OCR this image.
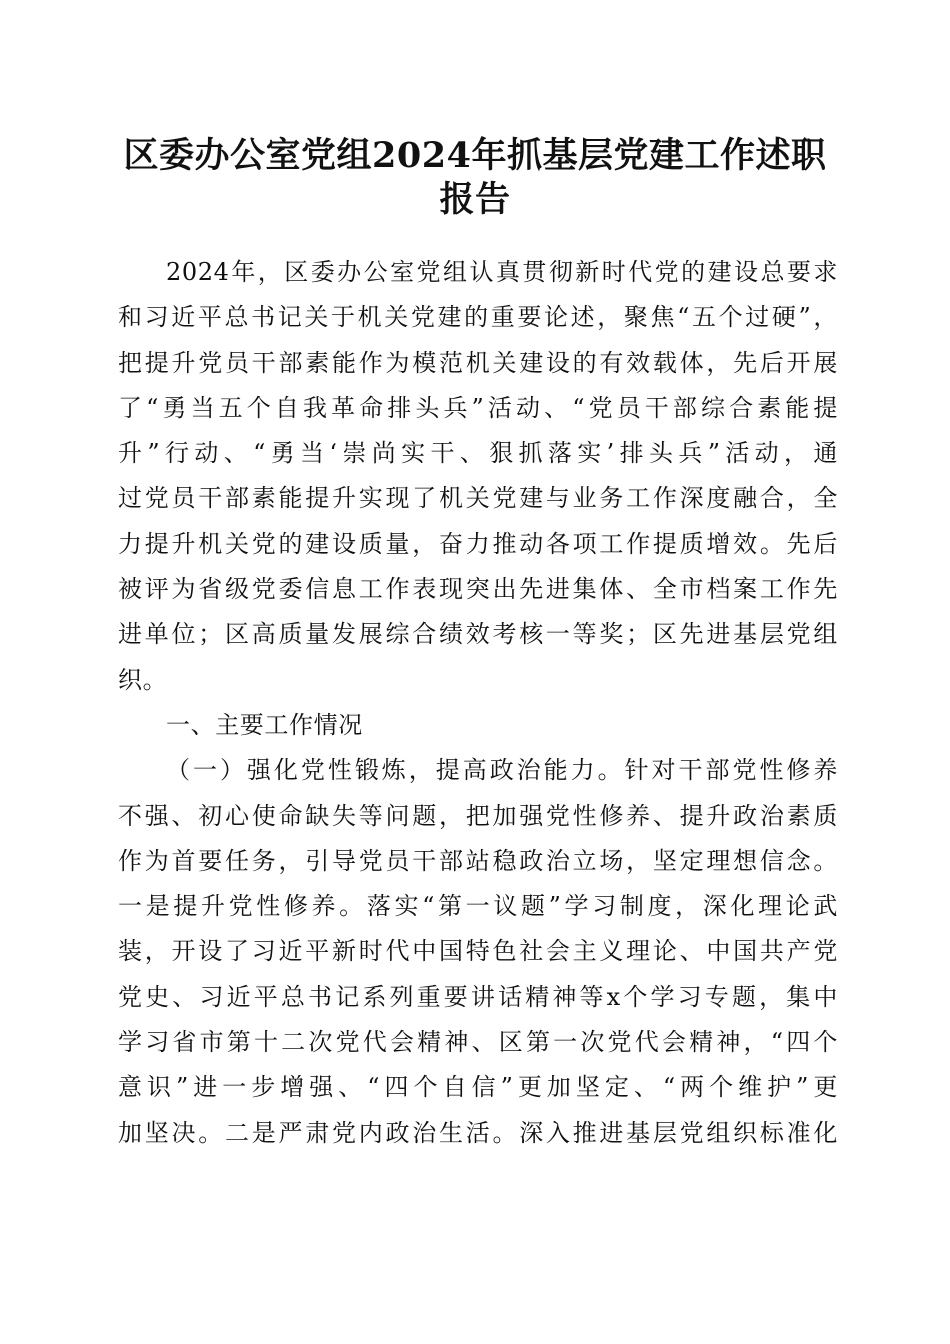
区委办公室党组2024年抓基层党建工作述职
报告
2024年，区委办公室党组认真贯彻新时代党的建设总要求
和习近平总书记关于机关党建的重要论述，聚焦“五个过硬”，
把提升党员干部素能作为模范机关建设的有效载体，先后开展
了“勇当五个自我革命排头兵”活动、“党员干部综合素能提
升”行动、“勇当‘崇尚实干、狠抓落实’排头兵”活动，通
过党员干部素能提升实现了机关党建与业务工作深度融合，全
力提升机关党的建设质量，奋力推动各项工作提质增效。先后
被评为省级党委信息工作表现突出先进集体、全市档案工作先
进单位；区高质量发展综合绩效考核一等奖；区先进基层党组
织。
一、主要工作情况
（一）强化党性锻炼，提高政治能力。针对干部党性修养
不强、初心使命缺失等问题，把加强党性修养、提升政治素质
作为首要任务，引导党员干部站稳政治立场，坚定理想信念。
一是提升党性修养。落实“第一议题”学习制度，深化理论武
装，开设了习近平新时代中国特色社会主义理论、中国共产党
党史、习近平总书记系列重要讲话精神等x个学习专题，集中
学习省市第十二次党代会精神、区第一次党代会精神，“四个
意识”进一步增强、“四个自信”更加坚定、“两个维护”更
加坚决。二是严肃党内政治生活。深入推进基层党组织标准化
